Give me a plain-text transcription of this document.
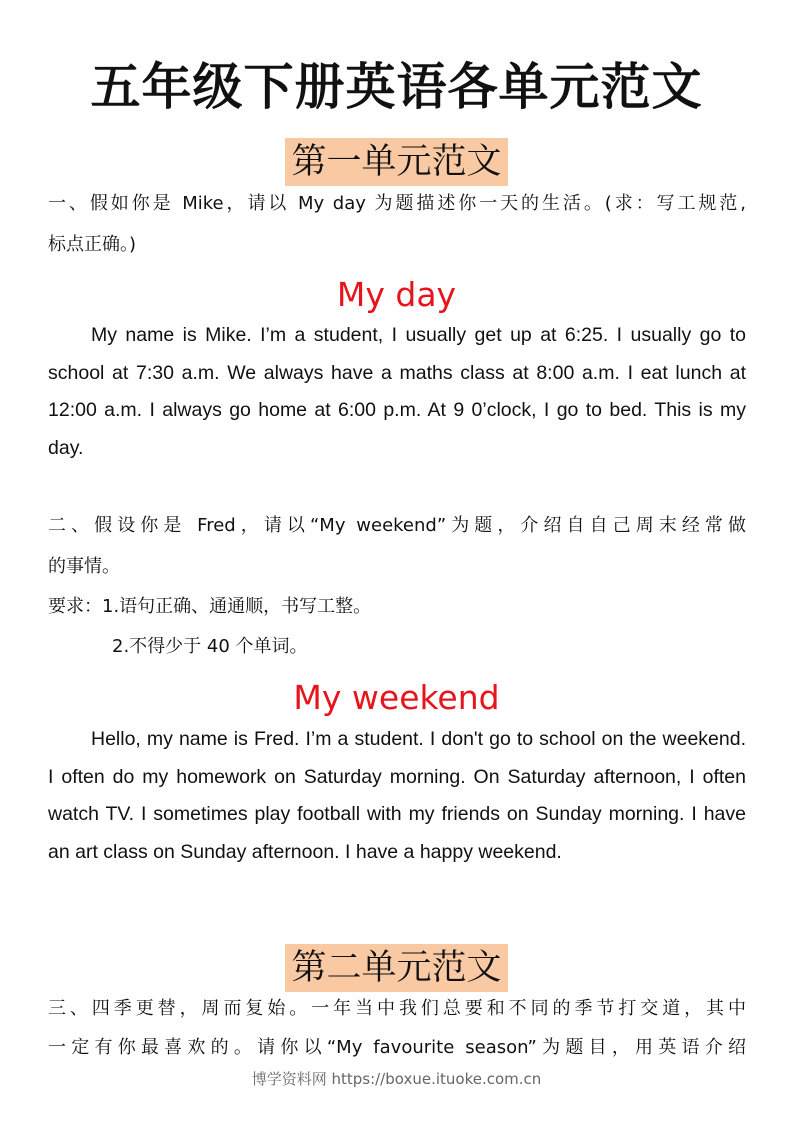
五年级下册英语各单元范文
第一单元范文
一、假如你是 Mike，请以 My day 为题描述你一天的生活。(求：写工规范,
标点正确。)
My day
My name is Mike. I’m a student, I usually get up at 6:25. I usually go to school at 7:30 a.m. We always have a maths class at 8:00 a.m. I eat lunch at 12:00 a.m. I always go home at 6:00 p.m. At 9 0’clock, I go to bed. This is my day.
二、假设你是 Fred，请以“My weekend”为题，介绍自自己周末经常做
的事情。
要求：1.语句正确、通通顺，书写工整。
2.不得少于 40 个单词。
My weekend
Hello, my name is Fred. I’m a student. I don't go to school on the weekend. I often do my homework on Saturday morning. On Saturday afternoon, I often watch TV. I sometimes play football with my friends on Sunday morning. I have an art class on Sunday afternoon. I have a happy weekend.
第二单元范文
三、四季更替，周而复始。一年当中我们总要和不同的季节打交道，其中
一定有你最喜欢的。请你以“My favourite season”为题目，用英语介绍
博学资料网 https://boxue.ituoke.com.cn
